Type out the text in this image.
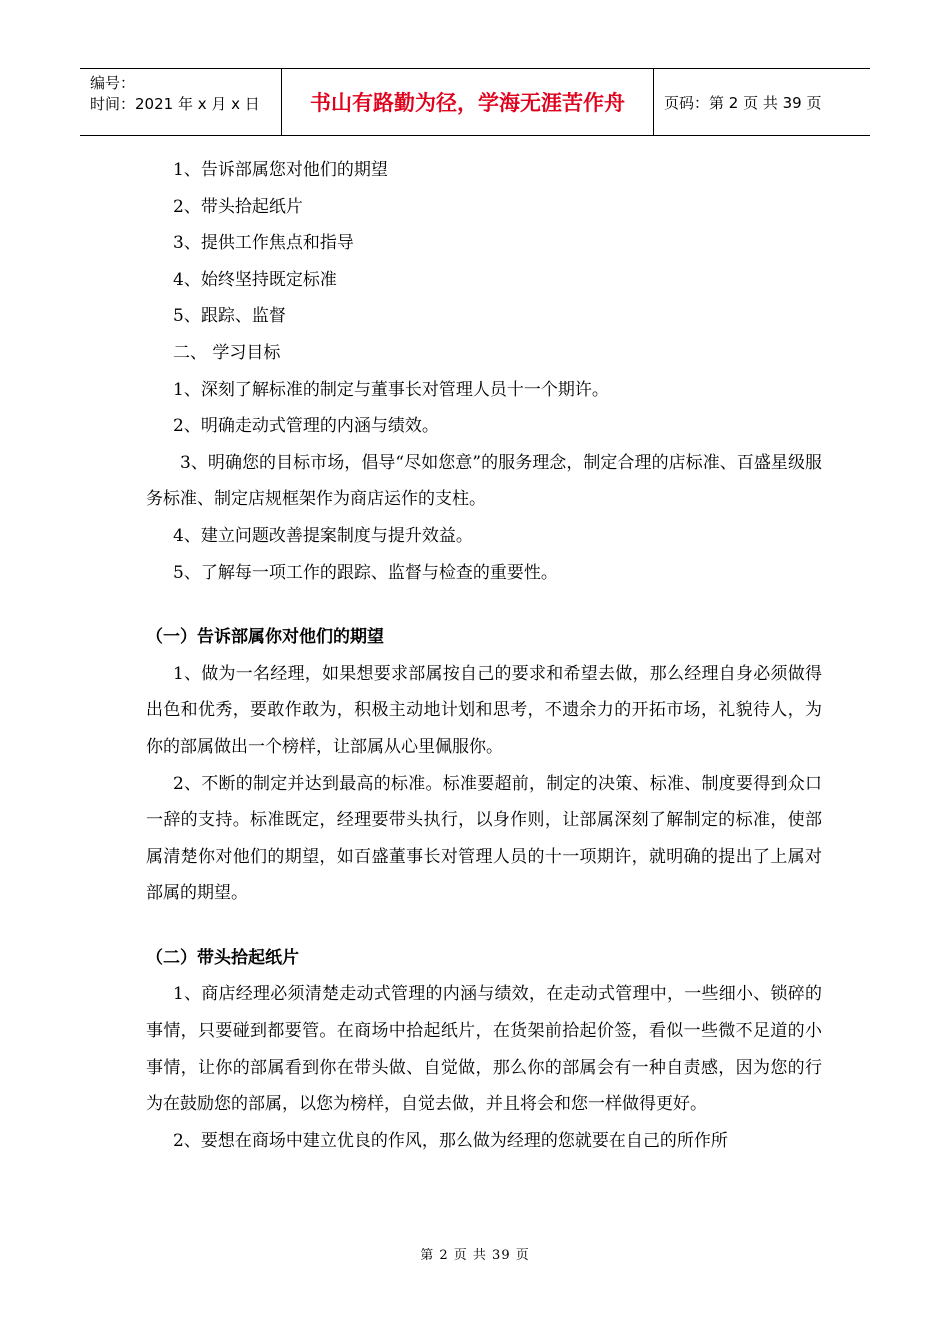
编号：
时间：2021 年 x 月 x 日	书山有路勤为径，学海无涯苦作舟	页码：第 2 页 共 39 页

1、告诉部属您对他们的期望

2、带头拾起纸片

3、提供工作焦点和指导

4、始终坚持既定标准

5、跟踪、监督

二、 学习目标

1、深刻了解标准的制定与董事长对管理人员十一个期许。

2、明确走动式管理的内涵与绩效。

3、明确您的目标市场，倡导“尽如您意”的服务理念，制定合理的店标准、百盛星级服务标准、制定店规框架作为商店运作的支柱。

4、建立问题改善提案制度与提升效益。

5、了解每一项工作的跟踪、监督与检查的重要性。

（一）告诉部属你对他们的期望

1、做为一名经理，如果想要求部属按自己的要求和希望去做，那么经理自身必须做得出色和优秀，要敢作敢为，积极主动地计划和思考，不遗余力的开拓市场，礼貌待人，为你的部属做出一个榜样，让部属从心里佩服你。

2、不断的制定并达到最高的标准。标准要超前，制定的决策、标准、制度要得到众口一辞的支持。标准既定，经理要带头执行，以身作则，让部属深刻了解制定的标准，使部属清楚你对他们的期望，如百盛董事长对管理人员的十一项期许，就明确的提出了上属对部属的期望。

（二）带头拾起纸片

1、商店经理必须清楚走动式管理的内涵与绩效，在走动式管理中，一些细小、锁碎的事情，只要碰到都要管。在商场中拾起纸片，在货架前拾起价签，看似一些微不足道的小事情，让你的部属看到你在带头做、自觉做，那么你的部属会有一种自责感，因为您的行为在鼓励您的部属，以您为榜样，自觉去做，并且将会和您一样做得更好。

2、要想在商场中建立优良的作风，那么做为经理的您就要在自己的所作所

第 2 页 共 39 页
